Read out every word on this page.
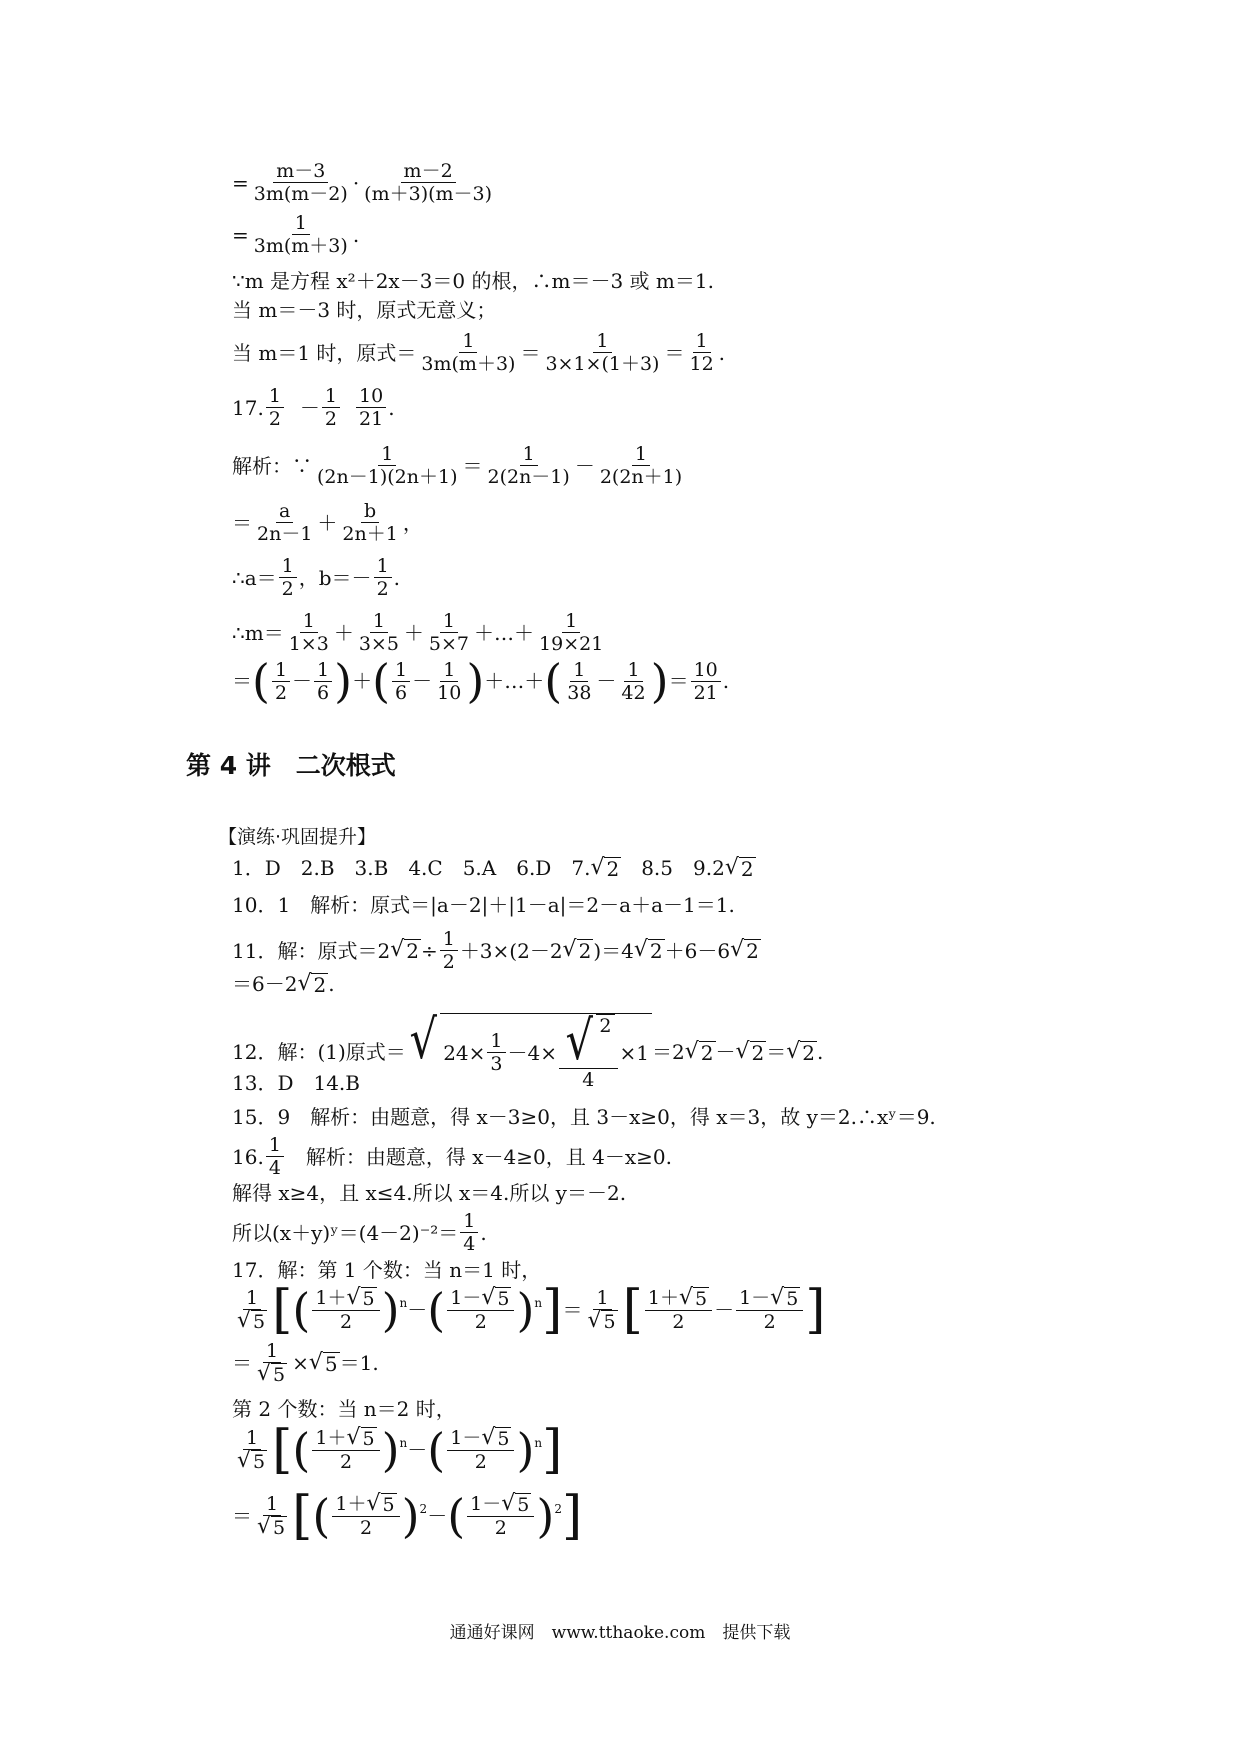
= $\frac{m-3}{3m(m-2)} \cdot \frac{m-2}{(m+3)(m-3)}$
= $\frac{1}{3m(m+3)}$ .
∵m 是方程 x²＋2x－3＝0 的根，∴m＝－3 或 m＝1.
当 m＝－3 时，原式无意义；
当 m＝1 时，原式＝ $\frac{1}{3m(m+3)} = \frac{1}{3\times 1\times(1+3)} = \frac{1}{12}$ .
17. $\frac{1}{2} - \frac{1}{2} \frac{10}{21}$ .
解析：∵ $\frac{1}{(2n-1)(2n+1)} = \frac{1}{2(2n-1)} - \frac{1}{2(2n+1)}$
＝ $\frac{a}{2n-1} + \frac{b}{2n+1}$ ，
∴a＝ $\frac{1}{2}$ ，$b=- \frac{1}{2}$ .
∴m＝ $\frac{1}{1\times 3} + \frac{1}{3\times 5} + \frac{1}{5\times 7}$ ＋…＋ $\frac{1}{19\times 21}$
＝ ( $\frac{1}{2} - \frac{1}{6}$ ) ＋ ( $\frac{1}{6} - \frac{1}{10}$ ) ＋…＋ ( $\frac{1}{38} - \frac{1}{42}$ ) ＝ $\frac{10}{21}$ .
第 4 讲　二次根式
【演练·巩固提升】
1．D　2.B　3.B　4.C　5.A　6.D　7. √ 2 　8.5　9.2 √ 2
10．1　解析：原式＝|a－2|＋|1－a|＝2－a＋a－1＝1.
11．解：原式＝2 √ $2 \div \frac{1}{2} +3\times(2-2$ √ 2 )＝4 √ 2 ＋6－6 √ 2
＝6－2 √ 2 .
12．解：(1)原式＝ √ $24\times \frac{1}{3} -4\times \frac{√ 2}{4} \times 1 =2$ √ 2 － √ 2 ＝ √ 2 .
13．D　14.B
15．9　解析：由题意，得 x－3≥0，且 3－x≥0，得 x＝3，故 y＝2.∴xʸ＝9.
16. $\frac{1}{4}$ 　解析：由题意，得 x－4≥0，且 4－x≥0.
解得 x≥4，且 x≤4.所以 x＝4.所以 y＝－2.
所以(x＋y)ʸ＝(4－2)⁻²＝ $\frac{1}{4}$ .
17．解：第 1 个数：当 n＝1 时，
$\frac{1}{√ 5}$ [ ( $\frac{1+ √ 5}{2}$ ) n － ( $\frac{1- √ 5}{2}$ ) n ] ＝ $\frac{1}{√ 5}$ [ $\frac{1+ √ 5}{2} - \frac{1- √ 5}{2}$ ]
＝ $\frac{1}{√ 5}$ × √ 5 ＝1.
第 2 个数：当 n＝2 时，
$\frac{1}{√ 5}$ [ ( $\frac{1+ √ 5}{2}$ ) n － ( $\frac{1- √ 5}{2}$ ) n ]
＝ $\frac{1}{√ 5}$ [ ( $\frac{1+ √ 5}{2}$ ) 2 － ( $\frac{1- √ 5}{2}$ ) 2 ]
通通好课网　www.tthaoke.com　提供下载
